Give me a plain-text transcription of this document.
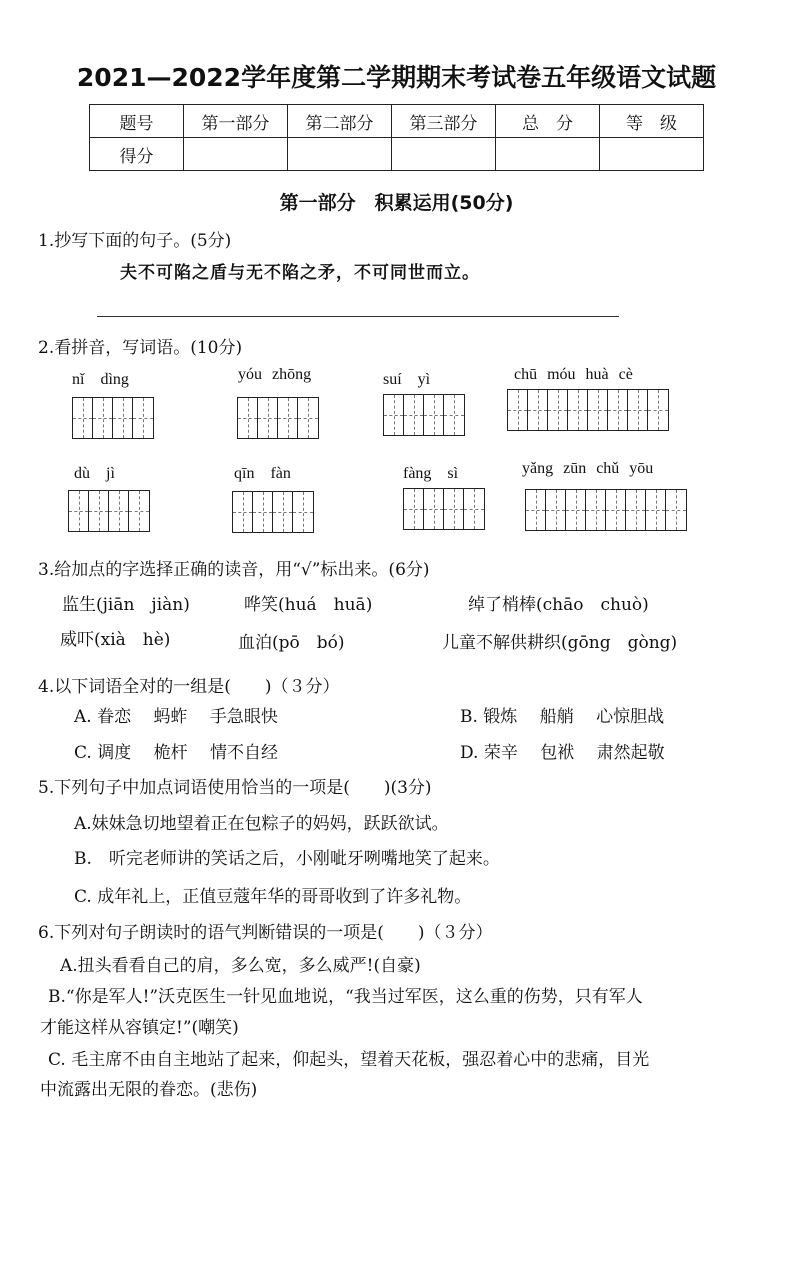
2021—2022学年度第二学期期末考试卷五年级语文试题
题号	第一部分	第二部分	第三部分	总　分	等　级
得分					
第一部分　积累运用(50分)
1.抄写下面的句子。(5分)
夫不可陷之盾与无不陷之矛，不可同世而立。
2.看拼音，写词语。(10分)
nǐ　dìng	yóu zhōng	suí　yì	chū móu huà cè
dù　jì	qīn　fàn	fàng　sì	yǎng zūn chǔ yōu
3.给加点的字选择正确的读音，用“√”标出来。(6分)
监生(jiān　jiàn)	哗笑(huá　huā)	绰了梢棒(chāo　chuò)
威吓(xià　hè)	血泊(pō　bó)	儿童不解供耕织(gōng　gòng)
4.以下词语全对的一组是(　　)（３分）
A. 眷恋　 蚂蚱　 手急眼快	B. 锻炼　 船艄　 心惊胆战
C. 调度　 桅杆　 情不自经	D. 荣辛　 包袱　 肃然起敬
5.下列句子中加点词语使用恰当的一项是(　　)(3分)
A.妹妹急切地望着正在包粽子的妈妈，跃跃欲试。
B.　听完老师讲的笑话之后，小刚呲牙咧嘴地笑了起来。
C. 成年礼上，正值豆蔻年华的哥哥收到了许多礼物。
6.下列对句子朗读时的语气判断错误的一项是(　　)（３分）
A.扭头看看自己的肩，多么宽，多么威严!(自豪)
B.“你是军人!”沃克医生一针见血地说，“我当过军医，这么重的伤势，只有军人
才能这样从容镇定!”(嘲笑)
C. 毛主席不由自主地站了起来，仰起头，望着天花板，强忍着心中的悲痛，目光
中流露出无限的眷恋。(悲伤)
